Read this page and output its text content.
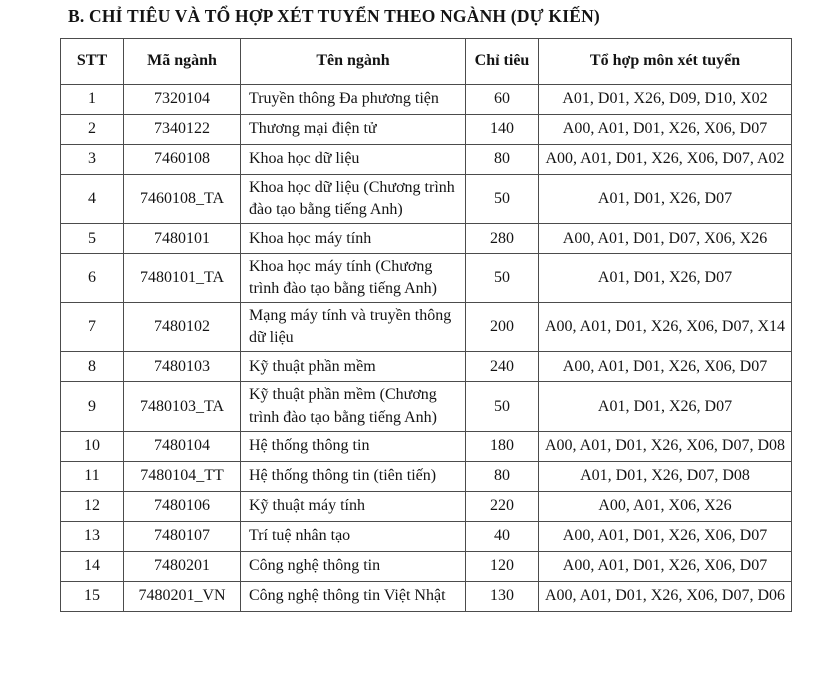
B. CHỈ TIÊU VÀ TỔ HỢP XÉT TUYỂN THEO NGÀNH (DỰ KIẾN)
STT	Mã ngành	Tên ngành	Chỉ tiêu	Tổ hợp môn xét tuyển
1	7320104	Truyền thông Đa phương tiện	60	A01, D01, X26, D09, D10, X02
2	7340122	Thương mại điện tử	140	A00, A01, D01, X26, X06, D07
3	7460108	Khoa học dữ liệu	80	A00, A01, D01, X26, X06, D07, A02
4	7460108_TA	Khoa học dữ liệu (Chương trình đào tạo bằng tiếng Anh)	50	A01, D01, X26, D07
5	7480101	Khoa học máy tính	280	A00, A01, D01, D07, X06, X26
6	7480101_TA	Khoa học máy tính (Chương trình đào tạo bằng tiếng Anh)	50	A01, D01, X26, D07
7	7480102	Mạng máy tính và truyền thông dữ liệu	200	A00, A01, D01, X26, X06, D07, X14
8	7480103	Kỹ thuật phần mềm	240	A00, A01, D01, X26, X06, D07
9	7480103_TA	Kỹ thuật phần mềm (Chương trình đào tạo bằng tiếng Anh)	50	A01, D01, X26, D07
10	7480104	Hệ thống thông tin	180	A00, A01, D01, X26, X06, D07, D08
11	7480104_TT	Hệ thống thông tin (tiên tiến)	80	A01, D01, X26, D07, D08
12	7480106	Kỹ thuật máy tính	220	A00, A01, X06, X26
13	7480107	Trí tuệ nhân tạo	40	A00, A01, D01, X26, X06, D07
14	7480201	Công nghệ thông tin	120	A00, A01, D01, X26, X06, D07
15	7480201_VN	Công nghệ thông tin Việt Nhật	130	A00, A01, D01, X26, X06, D07, D06
